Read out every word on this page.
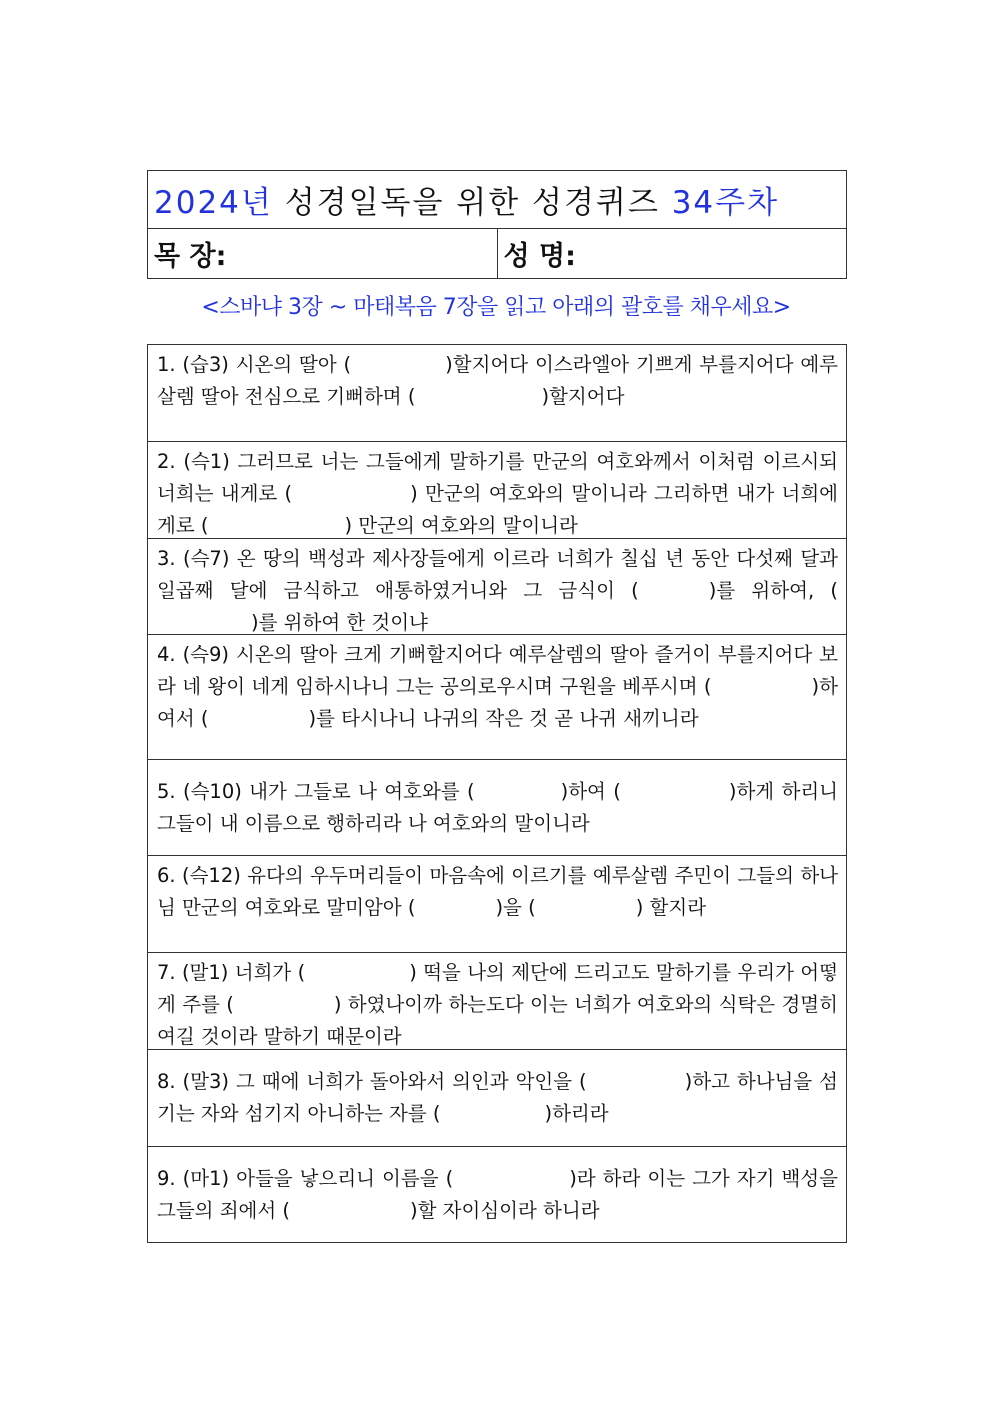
2024년 성경일독을 위한 성경퀴즈 34주차
목 장:	성 명:
<스바냐 3장 ~ 마태복음 7장을 읽고 아래의 괄호를 채우세요>
1. (습3) 시온의 딸아 (	)할지어다 이스라엘아 기쁘게 부를지어다 예루살렘 딸아 전심으로 기뻐하며 (	)할지어다
2. (슥1) 그러므로 너는 그들에게 말하기를 만군의 여호와께서 이처럼 이르시되 너희는 내게로 (	) 만군의 여호와의 말이니라 그리하면 내가 너희에게로 (	) 만군의 여호와의 말이니라
3. (슥7) 온 땅의 백성과 제사장들에게 이르라 너희가 칠십 년 동안 다섯째 달과 일곱째 달에 금식하고 애통하였거니와 그 금식이 (	)를 위하여, ()를 위하여 한 것이냐
4. (슥9) 시온의 딸아 크게 기뻐할지어다 예루살렘의 딸아 즐거이 부를지어다 보라 네 왕이 네게 임하시나니 그는 공의로우시며 구원을 베푸시며 (	)하여서 (	)를 타시나니 나귀의 작은 것 곧 나귀 새끼니라
5. (슥10) 내가 그들로 나 여호와를 (	)하여 (	)하게 하리니 그들이 내 이름으로 행하리라 나 여호와의 말이니라
6. (슥12) 유다의 우두머리들이 마음속에 이르기를 예루살렘 주민이 그들의 하나님 만군의 여호와로 말미암아 (	)을 (	) 할지라
7. (말1) 너희가 (	) 떡을 나의 제단에 드리고도 말하기를 우리가 어떻게 주를 (	) 하였나이까 하는도다 이는 너희가 여호와의 식탁은 경멸히 여길 것이라 말하기 때문이라
8. (말3) 그 때에 너희가 돌아와서 의인과 악인을 (	)하고 하나님을 섬기는 자와 섬기지 아니하는 자를 (	)하리라
9. (마1) 아들을 낳으리니 이름을 (	)라 하라 이는 그가 자기 백성을 그들의 죄에서 (	)할 자이심이라 하니라
